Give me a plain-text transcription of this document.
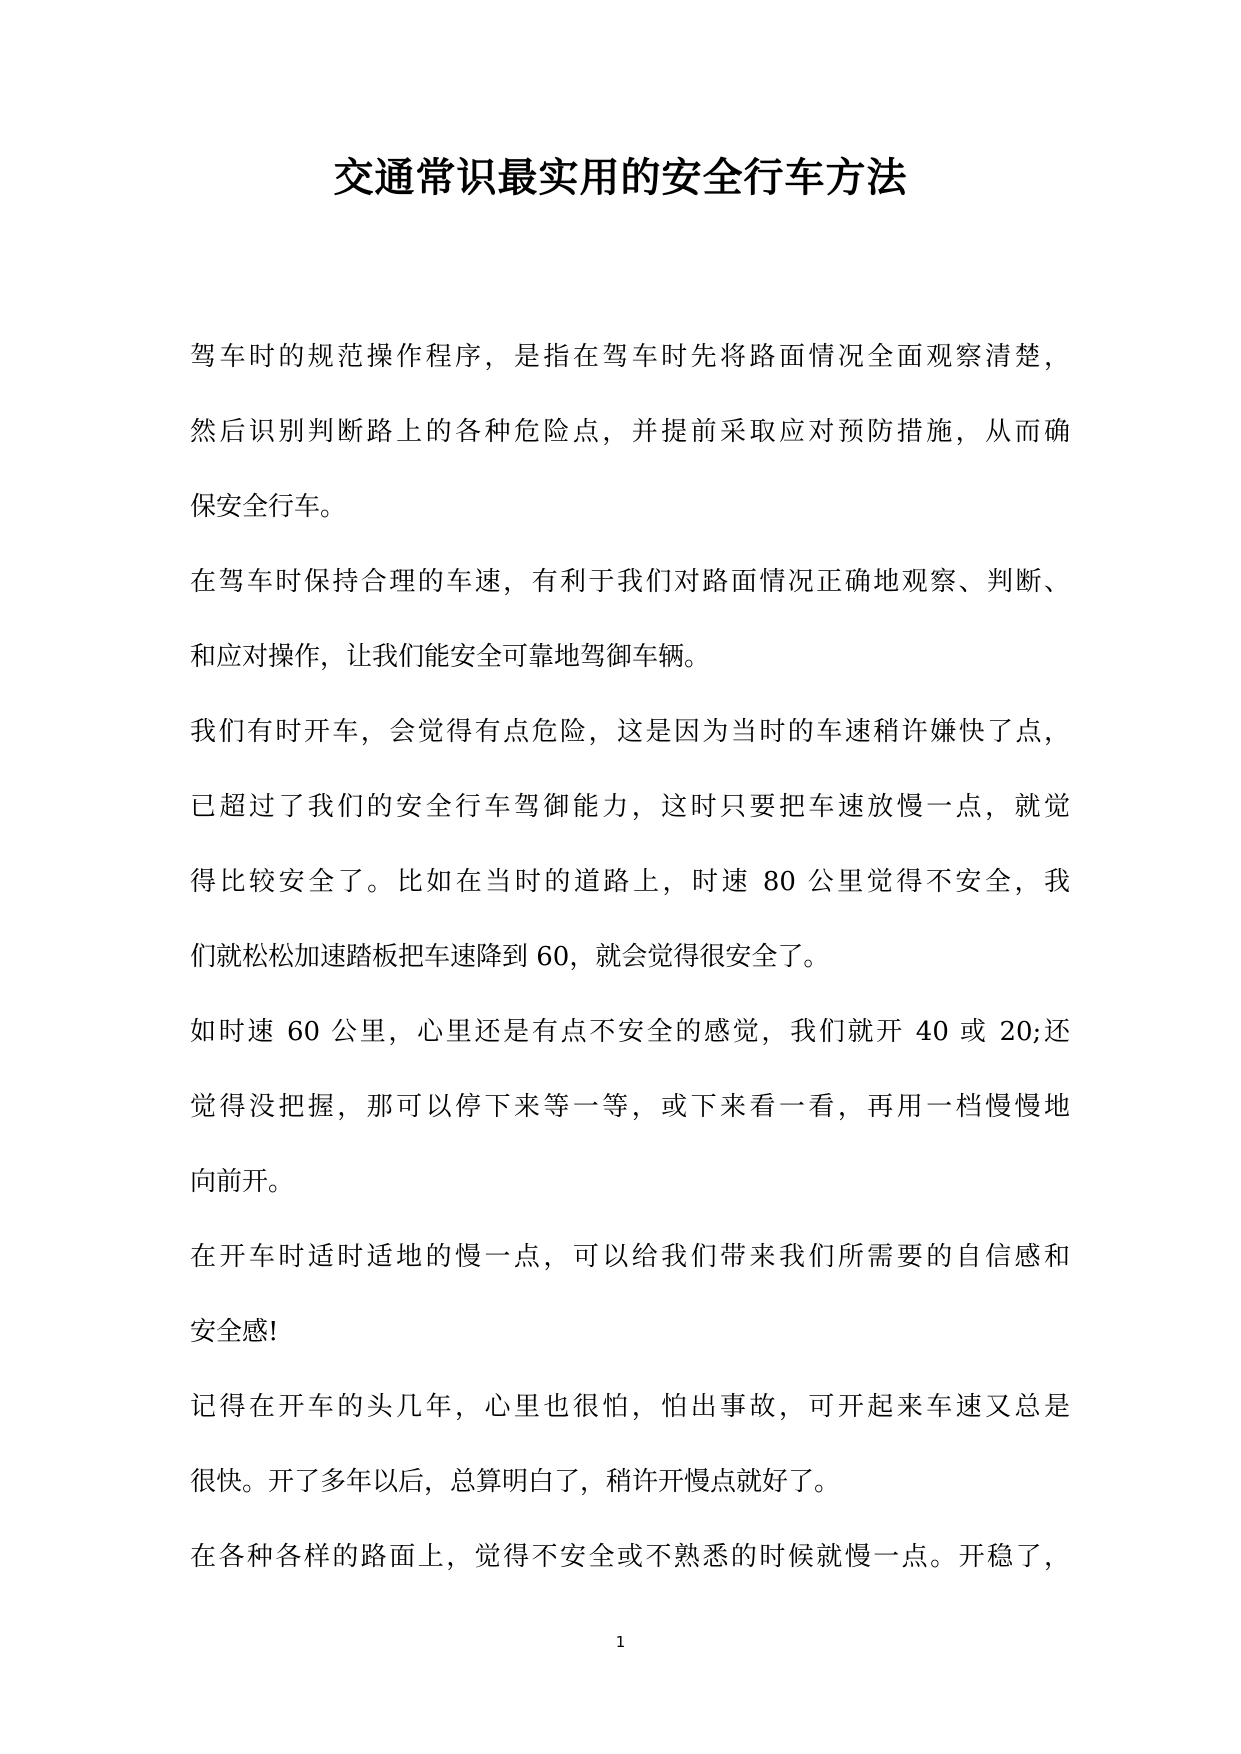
交通常识最实用的安全行车方法
驾车时的规范操作程序，是指在驾车时先将路面情况全面观察清楚，
然后识别判断路上的各种危险点，并提前采取应对预防措施，从而确
保安全行车。
在驾车时保持合理的车速，有利于我们对路面情况正确地观察、判断、
和应对操作，让我们能安全可靠地驾御车辆。
我们有时开车，会觉得有点危险，这是因为当时的车速稍许嫌快了点，
已超过了我们的安全行车驾御能力，这时只要把车速放慢一点，就觉
得比较安全了。比如在当时的道路上，时速 80 公里觉得不安全，我
们就松松加速踏板把车速降到 60，就会觉得很安全了。
如时速 60 公里，心里还是有点不安全的感觉，我们就开 40 或 20;还
觉得没把握，那可以停下来等一等，或下来看一看，再用一档慢慢地
向前开。
在开车时适时适地的慢一点，可以给我们带来我们所需要的自信感和
安全感!
记得在开车的头几年，心里也很怕，怕出事故，可开起来车速又总是
很快。开了多年以后，总算明白了，稍许开慢点就好了。
在各种各样的路面上，觉得不安全或不熟悉的时候就慢一点。开稳了，
1
